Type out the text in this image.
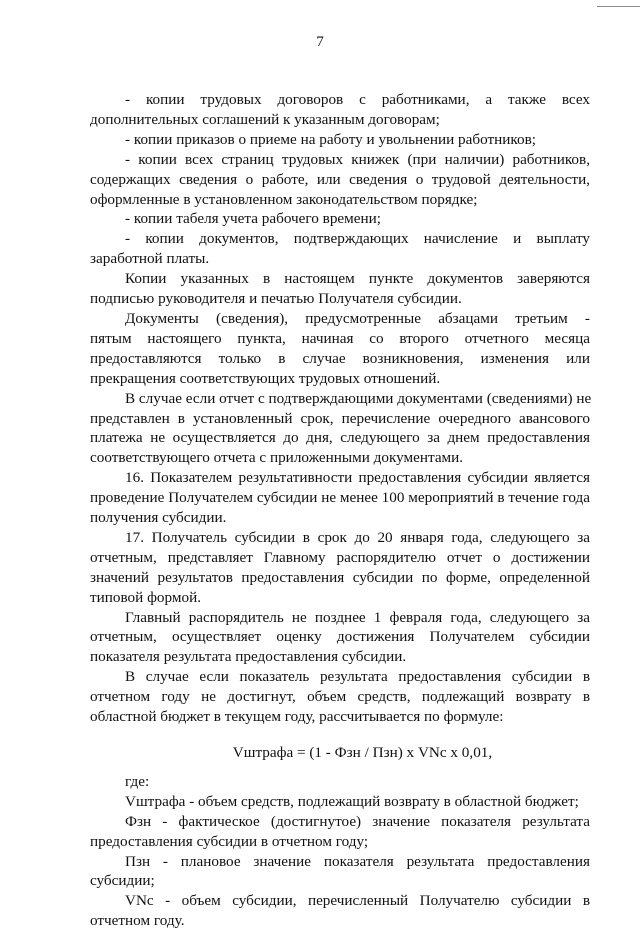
7
- копии трудовых договоров с работниками, а также всех
дополнительных соглашений к указанным договорам;
- копии приказов о приеме на работу и увольнении работников;
- копии всех страниц трудовых книжек (при наличии) работников,
содержащих сведения о работе, или сведения о трудовой деятельности,
оформленные в установленном законодательством порядке;
- копии табеля учета рабочего времени;
- копии документов, подтверждающих начисление и выплату
заработной платы.
Копии указанных в настоящем пункте документов заверяются
подписью руководителя и печатью Получателя субсидии.
Документы (сведения), предусмотренные абзацами третьим -
пятым настоящего пункта, начиная со второго отчетного месяца
предоставляются только в случае возникновения, изменения или
прекращения соответствующих трудовых отношений.
В случае если отчет с подтверждающими документами (сведениями) не
представлен в установленный срок, перечисление очередного авансового
платежа не осуществляется до дня, следующего за днем предоставления
соответствующего отчета с приложенными документами.
16. Показателем результативности предоставления субсидии является
проведение Получателем субсидии не менее 100 мероприятий в течение года
получения субсидии.
17. Получатель субсидии в срок до 20 января года, следующего за
отчетным, представляет Главному распорядителю отчет о достижении
значений результатов предоставления субсидии по форме, определенной
типовой формой.
Главный распорядитель не позднее 1 февраля года, следующего за
отчетным, осуществляет оценку достижения Получателем субсидии
показателя результата предоставления субсидии.
В случае если показатель результата предоставления субсидии в
отчетном году не достигнут, объем средств, подлежащий возврату в
областной бюджет в текущем году, рассчитывается по формуле:
Vштрафа = (1 - Фзн / Пзн) х VNc х 0,01,
где:
Vштрафа - объем средств, подлежащий возврату в областной бюджет;
Фзн - фактическое (достигнутое) значение показателя результата
предоставления субсидии в отчетном году;
Пзн - плановое значение показателя результата предоставления
субсидии;
VNc - объем субсидии, перечисленный Получателю субсидии в
отчетном году.
